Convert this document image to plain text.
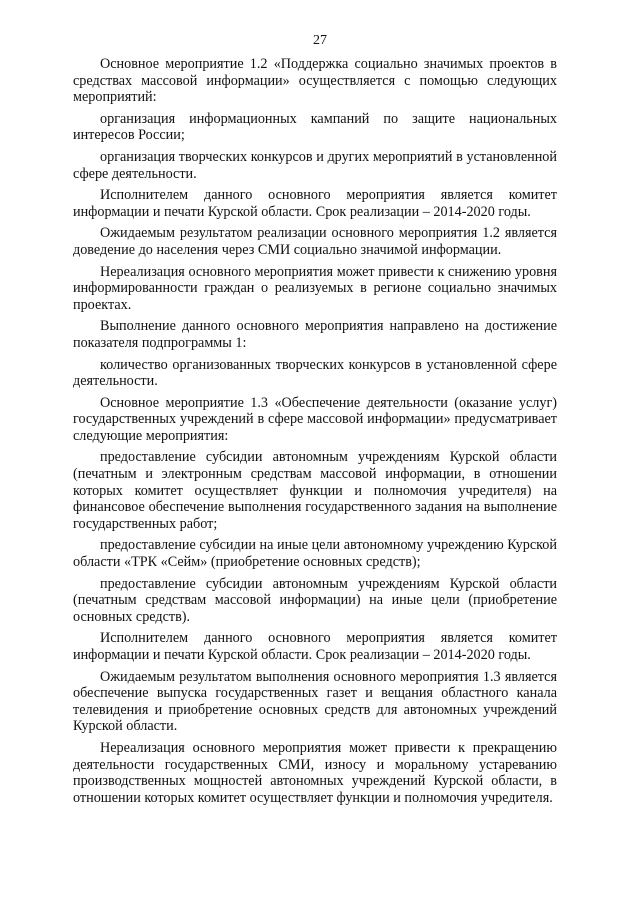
27

Основное мероприятие 1.2 «Поддержка социально значимых проектов в средствах массовой информации» осуществляется с помощью следующих мероприятий:

организация информационных кампаний по защите национальных интересов России;

организация творческих конкурсов и других мероприятий в установленной сфере деятельности.

Исполнителем данного основного мероприятия является комитет информации и печати Курской области. Срок реализации – 2014-2020 годы.

Ожидаемым результатом реализации основного мероприятия 1.2 является доведение до населения через СМИ социально значимой информации.

Нереализация основного мероприятия может привести к снижению уровня информированности граждан о реализуемых в регионе социально значимых проектах.

Выполнение данного основного мероприятия направлено на достижение показателя подпрограммы 1:

количество организованных творческих конкурсов в установленной сфере деятельности.

Основное мероприятие 1.3 «Обеспечение деятельности (оказание услуг) государственных учреждений в сфере массовой информации» предусматривает следующие мероприятия:

предоставление субсидии автономным учреждениям Курской области (печатным и электронным средствам массовой информации, в отношении которых комитет осуществляет функции и полномочия учредителя) на финансовое обеспечение выполнения государственного задания на выполнение государственных работ;

предоставление субсидии на иные цели автономному учреждению Курской области «ТРК «Сейм» (приобретение основных средств);

предоставление субсидии автономным учреждениям Курской области (печатным средствам массовой информации) на иные цели (приобретение основных средств).

Исполнителем данного основного мероприятия является комитет информации и печати Курской области. Срок реализации – 2014-2020 годы.

Ожидаемым результатом выполнения основного мероприятия 1.3 является обеспечение выпуска государственных газет и вещания областного канала телевидения и приобретение основных средств для автономных учреждений Курской области.

Нереализация основного мероприятия может привести к прекращению деятельности государственных СМИ, износу и моральному устареванию производственных мощностей автономных учреждений Курской области, в отношении которых комитет осуществляет функции и полномочия учредителя.
